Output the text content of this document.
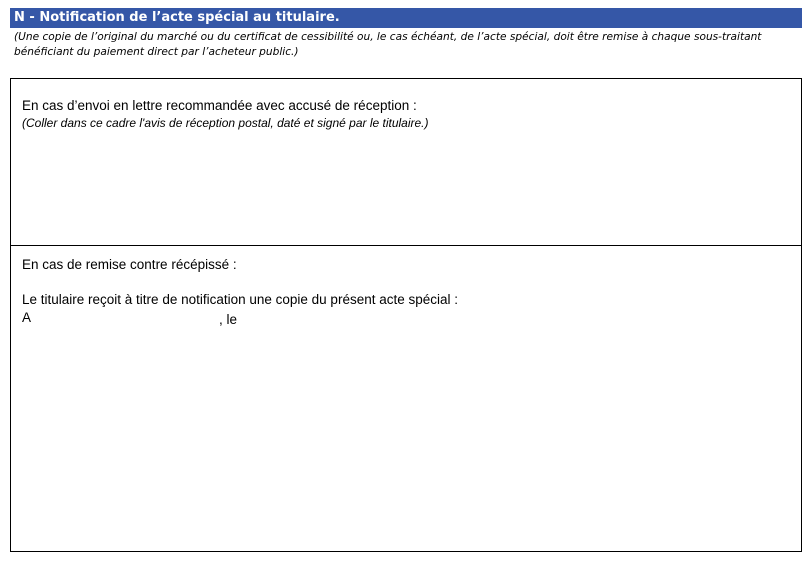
N - Notification de l’acte spécial au titulaire.
(Une copie de l’original du marché ou du certificat de cessibilité ou, le cas échéant, de l’acte spécial, doit être remise à chaque sous-traitant
bénéficiant du paiement direct par l’acheteur public.)
En cas d’envoi en lettre recommandée avec accusé de réception :
(Coller dans ce cadre l'avis de réception postal, daté et signé par le titulaire.)
En cas de remise contre récépissé :
Le titulaire reçoit à titre de notification une copie du présent acte spécial :
A	, le
